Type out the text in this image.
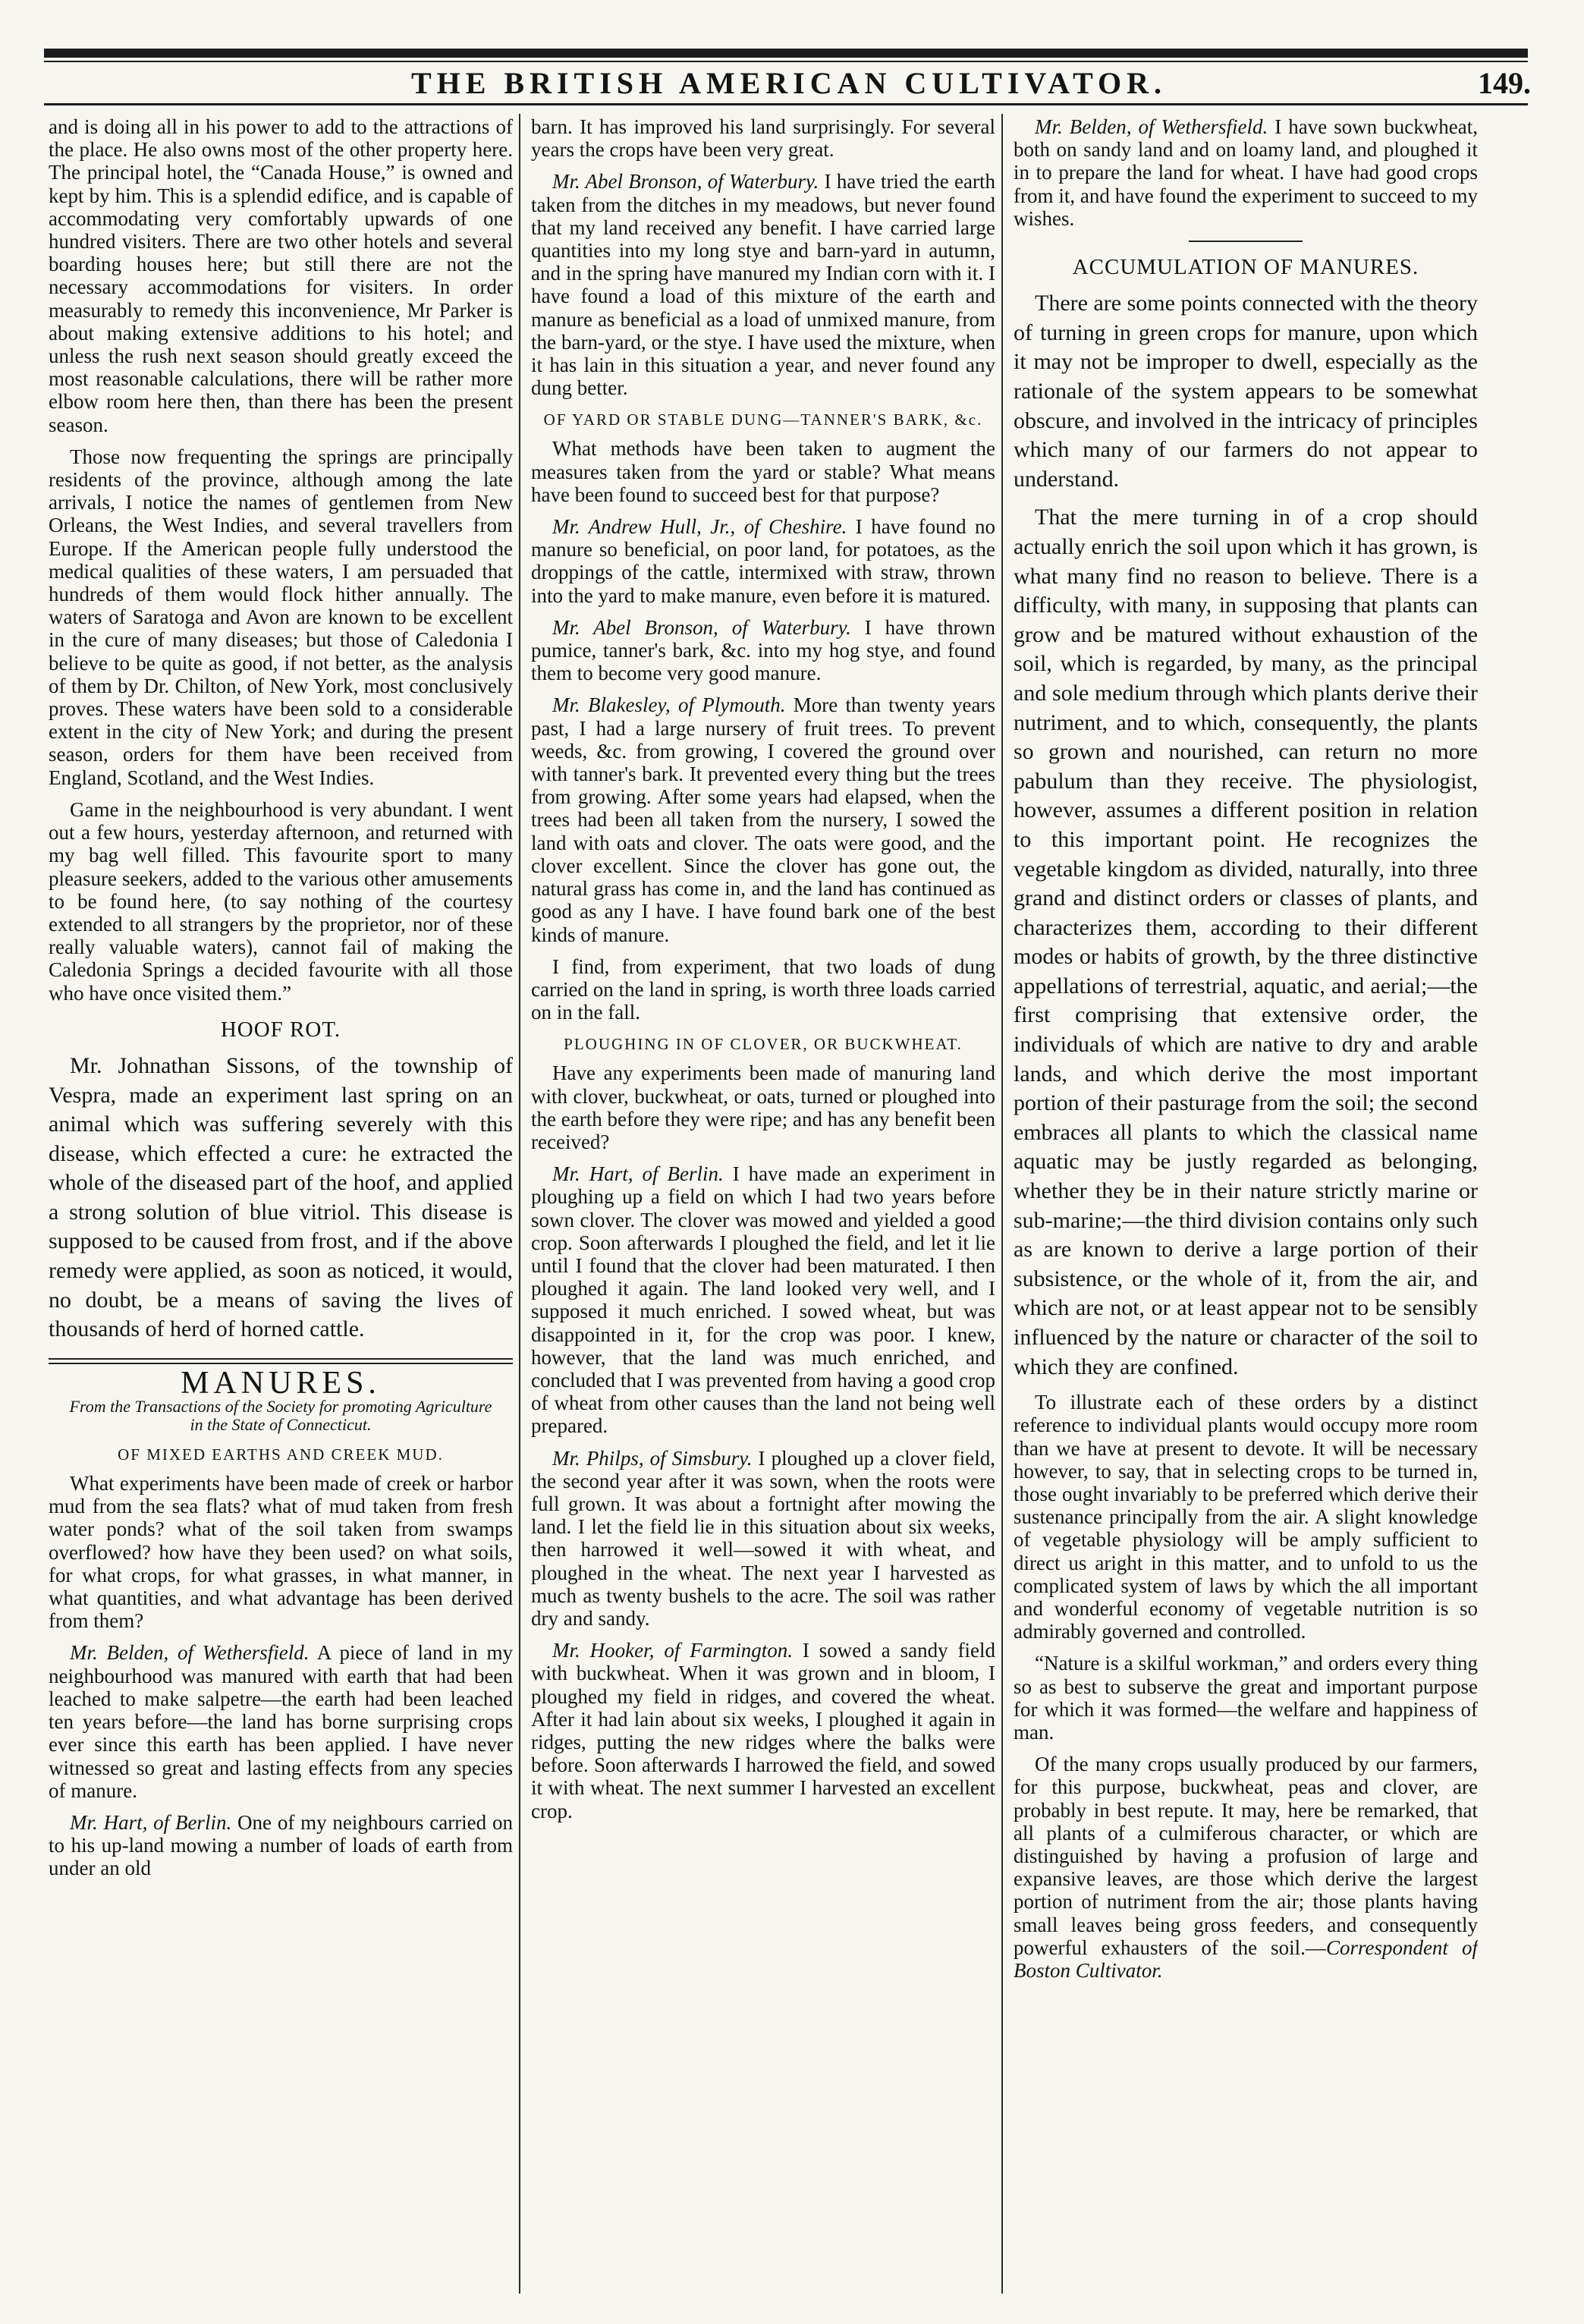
THE BRITISH AMERICAN CULTIVATOR.	149.

and is doing all in his power to add to the attractions of the place. He also owns most of the other property here. The principal hotel, the “Canada House,” is owned and kept by him. This is a splendid edifice, and is capable of accommodating very comfortably upwards of one hundred visiters. There are two other hotels and several boarding houses here; but still there are not the necessary accommodations for visiters. In order measurably to remedy this inconvenience, Mr Parker is about making extensive additions to his hotel; and unless the rush next season should greatly exceed the most reasonable calculations, there will be rather more elbow room here then, than there has been the present season.

Those now frequenting the springs are principally residents of the province, although among the late arrivals, I notice the names of gentlemen from New Orleans, the West Indies, and several travellers from Europe. If the American people fully understood the medical qualities of these waters, I am persuaded that hundreds of them would flock hither annually. The waters of Saratoga and Avon are known to be excellent in the cure of many diseases; but those of Caledonia I believe to be quite as good, if not better, as the analysis of them by Dr. Chilton, of New York, most conclusively proves. These waters have been sold to a considerable extent in the city of New York; and during the present season, orders for them have been received from England, Scotland, and the West Indies.

Game in the neighbourhood is very abundant. I went out a few hours, yesterday afternoon, and returned with my bag well filled. This favourite sport to many pleasure seekers, added to the various other amusements to be found here, (to say nothing of the courtesy extended to all strangers by the proprietor, nor of these really valuable waters), cannot fail of making the Caledonia Springs a decided favourite with all those who have once visited them.”

HOOF ROT.

Mr. Johnathan Sissons, of the township of Vespra, made an experiment last spring on an animal which was suffering severely with this disease, which effected a cure: he extracted the whole of the diseased part of the hoof, and applied a strong solution of blue vitriol. This disease is supposed to be caused from frost, and if the above remedy were applied, as soon as noticed, it would, no doubt, be a means of saving the lives of thousands of herd of horned cattle.

MANURES.
From the Transactions of the Society for promoting Agriculture in the State of Connecticut.
OF MIXED EARTHS AND CREEK MUD.

What experiments have been made of creek or harbor mud from the sea flats? what of mud taken from fresh water ponds? what of the soil taken from swamps overflowed? how have they been used? on what soils, for what crops, for what grasses, in what manner, in what quantities, and what advantage has been derived from them?

Mr. Belden, of Wethersfield. A piece of land in my neighbourhood was manured with earth that had been leached to make salpetre—the earth had been leached ten years before—the land has borne surprising crops ever since this earth has been applied. I have never witnessed so great and lasting effects from any species of manure.

Mr. Hart, of Berlin. One of my neighbours carried on to his up-land mowing a number of loads of earth from under an old

barn. It has improved his land surprisingly. For several years the crops have been very great.

Mr. Abel Bronson, of Waterbury. I have tried the earth taken from the ditches in my meadows, but never found that my land received any benefit. I have carried large quantities into my long stye and barn-yard in autumn, and in the spring have manured my Indian corn with it. I have found a load of this mixture of the earth and manure as beneficial as a load of unmixed manure, from the barn-yard, or the stye. I have used the mixture, when it has lain in this situation a year, and never found any dung better.

OF YARD OR STABLE DUNG—TANNER'S BARK, &c.

What methods have been taken to augment the measures taken from the yard or stable? What means have been found to succeed best for that purpose?

Mr. Andrew Hull, Jr., of Cheshire. I have found no manure so beneficial, on poor land, for potatoes, as the droppings of the cattle, intermixed with straw, thrown into the yard to make manure, even before it is matured.

Mr. Abel Bronson, of Waterbury. I have thrown pumice, tanner's bark, &c. into my hog stye, and found them to become very good manure.

Mr. Blakesley, of Plymouth. More than twenty years past, I had a large nursery of fruit trees. To prevent weeds, &c. from growing, I covered the ground over with tanner's bark. It prevented every thing but the trees from growing. After some years had elapsed, when the trees had been all taken from the nursery, I sowed the land with oats and clover. The oats were good, and the clover excellent. Since the clover has gone out, the natural grass has come in, and the land has continued as good as any I have. I have found bark one of the best kinds of manure.

I find, from experiment, that two loads of dung carried on the land in spring, is worth three loads carried on in the fall.

PLOUGHING IN OF CLOVER, OR BUCKWHEAT.

Have any experiments been made of manuring land with clover, buckwheat, or oats, turned or ploughed into the earth before they were ripe; and has any benefit been received?

Mr. Hart, of Berlin. I have made an experiment in ploughing up a field on which I had two years before sown clover. The clover was mowed and yielded a good crop. Soon afterwards I ploughed the field, and let it lie until I found that the clover had been maturated. I then ploughed it again. The land looked very well, and I supposed it much enriched. I sowed wheat, but was disappointed in it, for the crop was poor. I knew, however, that the land was much enriched, and concluded that I was prevented from having a good crop of wheat from other causes than the land not being well prepared.

Mr. Philps, of Simsbury. I ploughed up a clover field, the second year after it was sown, when the roots were full grown. It was about a fortnight after mowing the land. I let the field lie in this situation about six weeks, then harrowed it well—sowed it with wheat, and ploughed in the wheat. The next year I harvested as much as twenty bushels to the acre. The soil was rather dry and sandy.

Mr. Hooker, of Farmington. I sowed a sandy field with buckwheat. When it was grown and in bloom, I ploughed my field in ridges, and covered the wheat. After it had lain about six weeks, I ploughed it again in ridges, putting the new ridges where the balks were before. Soon afterwards I harrowed the field, and sowed it with wheat. The next summer I harvested an excellent crop.

Mr. Belden, of Wethersfield. I have sown buckwheat, both on sandy land and on loamy land, and ploughed it in to prepare the land for wheat. I have had good crops from it, and have found the experiment to succeed to my wishes.

ACCUMULATION OF MANURES.

There are some points connected with the theory of turning in green crops for manure, upon which it may not be improper to dwell, especially as the rationale of the system appears to be somewhat obscure, and involved in the intricacy of principles which many of our farmers do not appear to understand.

That the mere turning in of a crop should actually enrich the soil upon which it has grown, is what many find no reason to believe. There is a difficulty, with many, in supposing that plants can grow and be matured without exhaustion of the soil, which is regarded, by many, as the principal and sole medium through which plants derive their nutriment, and to which, consequently, the plants so grown and nourished, can return no more pabulum than they receive. The physiologist, however, assumes a different position in relation to this important point. He recognizes the vegetable kingdom as divided, naturally, into three grand and distinct orders or classes of plants, and characterizes them, according to their different modes or habits of growth, by the three distinctive appellations of terrestrial, aquatic, and aerial;—the first comprising that extensive order, the individuals of which are native to dry and arable lands, and which derive the most important portion of their pasturage from the soil; the second embraces all plants to which the classical name aquatic may be justly regarded as belonging, whether they be in their nature strictly marine or sub-marine;—the third division contains only such as are known to derive a large portion of their subsistence, or the whole of it, from the air, and which are not, or at least appear not to be sensibly influenced by the nature or character of the soil to which they are confined.

To illustrate each of these orders by a distinct reference to individual plants would occupy more room than we have at present to devote. It will be necessary however, to say, that in selecting crops to be turned in, those ought invariably to be preferred which derive their sustenance principally from the air. A slight knowledge of vegetable physiology will be amply sufficient to direct us aright in this matter, and to unfold to us the complicated system of laws by which the all important and wonderful economy of vegetable nutrition is so admirably governed and controlled.

“Nature is a skilful workman,” and orders every thing so as best to subserve the great and important purpose for which it was formed—the welfare and happiness of man.

Of the many crops usually produced by our farmers, for this purpose, buckwheat, peas and clover, are probably in best repute. It may, here be remarked, that all plants of a culmiferous character, or which are distinguished by having a profusion of large and expansive leaves, are those which derive the largest portion of nutriment from the air; those plants having small leaves being gross feeders, and consequently powerful exhausters of the soil.—Correspondent of Boston Cultivator.
